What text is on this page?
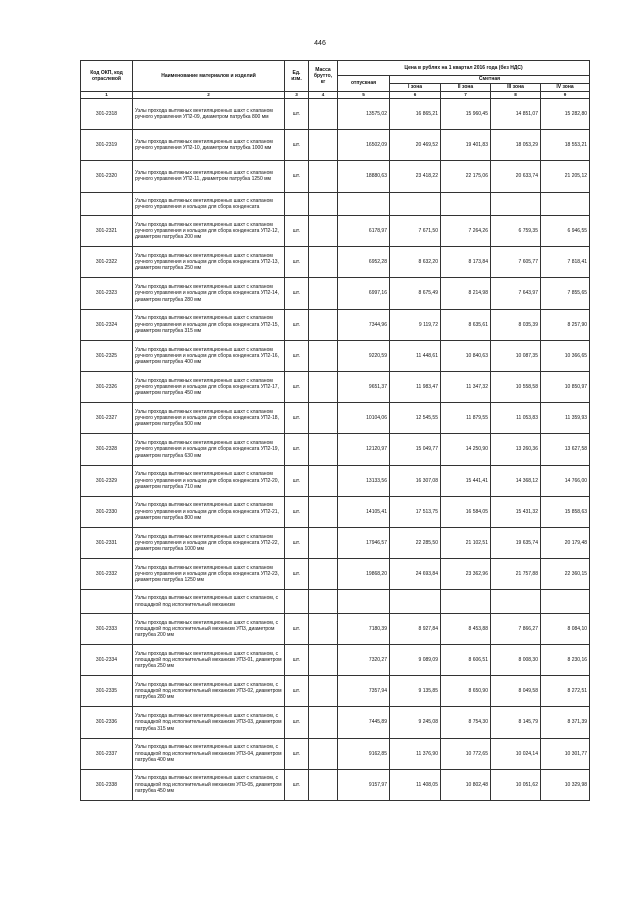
446
Код ОКП, код отраслевой	Наименование материалов и изделий	Ед. изм.	Масса брутто, кг	Цена в рублях на 1 квартал 2016 года (без НДС)				
				отпускная	Сметная			
					I зона	II зона	III зона	IV зона

1	2	3	4	5	6	7	8	9
301-2318	Узлы прохода вытяжных вентиляционных шахт с клапаном ручного управления УП2-09, диаметром патрубка 800 мм	шт.		13575,02	16 865,21	15 960,45	14 851,07	15 282,80
301-2319	Узлы прохода вытяжных вентиляционных шахт с клапаном ручного управления УП2-10, диаметром патрубка 1000 мм	шт.		16502,09	20 469,52	19 401,83	18 053,29	18 553,21
301-2320	Узлы прохода вытяжных вентиляционных шахт с клапаном ручного управления УП2-11, диаметром патрубка 1250 мм	шт.		18880,63	23 418,22	22 175,06	20 633,74	21 205,12
	Узлы прохода вытяжных вентиляционных шахт с клапаном ручного управления и кольцом для сбора конденсата							
301-2321	Узлы прохода вытяжных вентиляционных шахт с клапаном ручного управления и кольцом для сбора конденсата УП2-12, диаметром патрубка 200 мм	шт.		6178,97	7 671,50	7 264,26	6 759,35	6 946,55
301-2322	Узлы прохода вытяжных вентиляционных шахт с клапаном ручного управления и кольцом для сбора конденсата УП2-13, диаметром патрубка 250 мм	шт.		6952,28	8 632,20	8 173,84	7 605,77	7 818,41
301-2323	Узлы прохода вытяжных вентиляционных шахт с клапаном ручного управления и кольцом для сбора конденсата УП2-14, диаметром патрубка 280 мм	шт.		6997,16	8 675,49	8 214,98	7 643,97	7 855,65
301-2324	Узлы прохода вытяжных вентиляционных шахт с клапаном ручного управления и кольцом для сбора конденсата УП2-15, диаметром патрубка 315 мм	шт.		7344,96	9 119,72	8 635,61	8 035,39	8 257,90
301-2325	Узлы прохода вытяжных вентиляционных шахт с клапаном ручного управления и кольцом для сбора конденсата УП2-16, диаметром патрубка 400 мм	шт.		9220,59	11 448,61	10 840,63	10 087,35	10 366,65
301-2326	Узлы прохода вытяжных вентиляционных шахт с клапаном ручного управления и кольцом для сбора конденсата УП2-17, диаметром патрубка 450 мм	шт.		9651,37	11 983,47	11 347,32	10 558,58	10 850,97
301-2327	Узлы прохода вытяжных вентиляционных шахт с клапаном ручного управления и кольцом для сбора конденсата УП2-18, диаметром патрубка 500 мм	шт.		10104,06	12 545,55	11 879,55	11 053,83	11 359,93
301-2328	Узлы прохода вытяжных вентиляционных шахт с клапаном ручного управления и кольцом для сбора конденсата УП2-19, диаметром патрубка 630 мм	шт.		12120,97	15 049,77	14 250,90	13 260,36	13 627,58
301-2329	Узлы прохода вытяжных вентиляционных шахт с клапаном ручного управления и кольцом для сбора конденсата УП2-20, диаметром патрубка 710 мм	шт.		13133,56	16 307,08	15 441,41	14 368,12	14 766,00
301-2330	Узлы прохода вытяжных вентиляционных шахт с клапаном ручного управления и кольцом для сбора конденсата УП2-21, диаметром патрубка 800 мм	шт.		14105,41	17 513,75	16 584,05	15 431,32	15 858,63
301-2331	Узлы прохода вытяжных вентиляционных шахт с клапаном ручного управления и кольцом для сбора конденсата УП2-22, диаметром патрубка 1000 мм	шт.		17946,57	22 285,50	21 102,51	19 635,74	20 179,48
301-2332	Узлы прохода вытяжных вентиляционных шахт с клапаном ручного управления и кольцом для сбора конденсата УП2-23, диаметром патрубка 1250 мм	шт.		19868,20	24 693,84	23 362,96	21 757,88	22 360,15
	Узлы прохода вытяжных вентиляционных шахт с клапаном, с площадкой под исполнительный механизм							
301-2333	Узлы прохода вытяжных вентиляционных шахт с клапаном, с площадкой под исполнительный механизм УП3, диаметром патрубка 200 мм	шт.		7180,39	8 927,84	8 453,88	7 866,27	8 084,10
301-2334	Узлы прохода вытяжных вентиляционных шахт с клапаном, с площадкой под исполнительный механизм УП3-01, диаметром патрубка 250 мм	шт.		7320,27	9 089,09	8 606,51	8 008,30	8 230,16
301-2335	Узлы прохода вытяжных вентиляционных шахт с клапаном, с площадкой под исполнительный механизм УП3-02, диаметром патрубка 280 мм	шт.		7357,94	9 135,85	8 650,90	8 049,58	8 272,51
301-2336	Узлы прохода вытяжных вентиляционных шахт с клапаном, с площадкой под исполнительный механизм УП3-03, диаметром патрубка 315 мм	шт.		7445,89	9 245,08	8 754,30	8 145,79	8 371,39
301-2337	Узлы прохода вытяжных вентиляционных шахт с клапаном, с площадкой под исполнительный механизм УП3-04, диаметром патрубка 400 мм	шт.		9162,85	11 376,90	10 772,65	10 024,14	10 301,77
301-2338	Узлы прохода вытяжных вентиляционных шахт с клапаном, с площадкой под исполнительный механизм УП3-05, диаметром патрубка 450 мм	шт.		9157,97	11 408,05	10 802,48	10 051,62	10 329,98
